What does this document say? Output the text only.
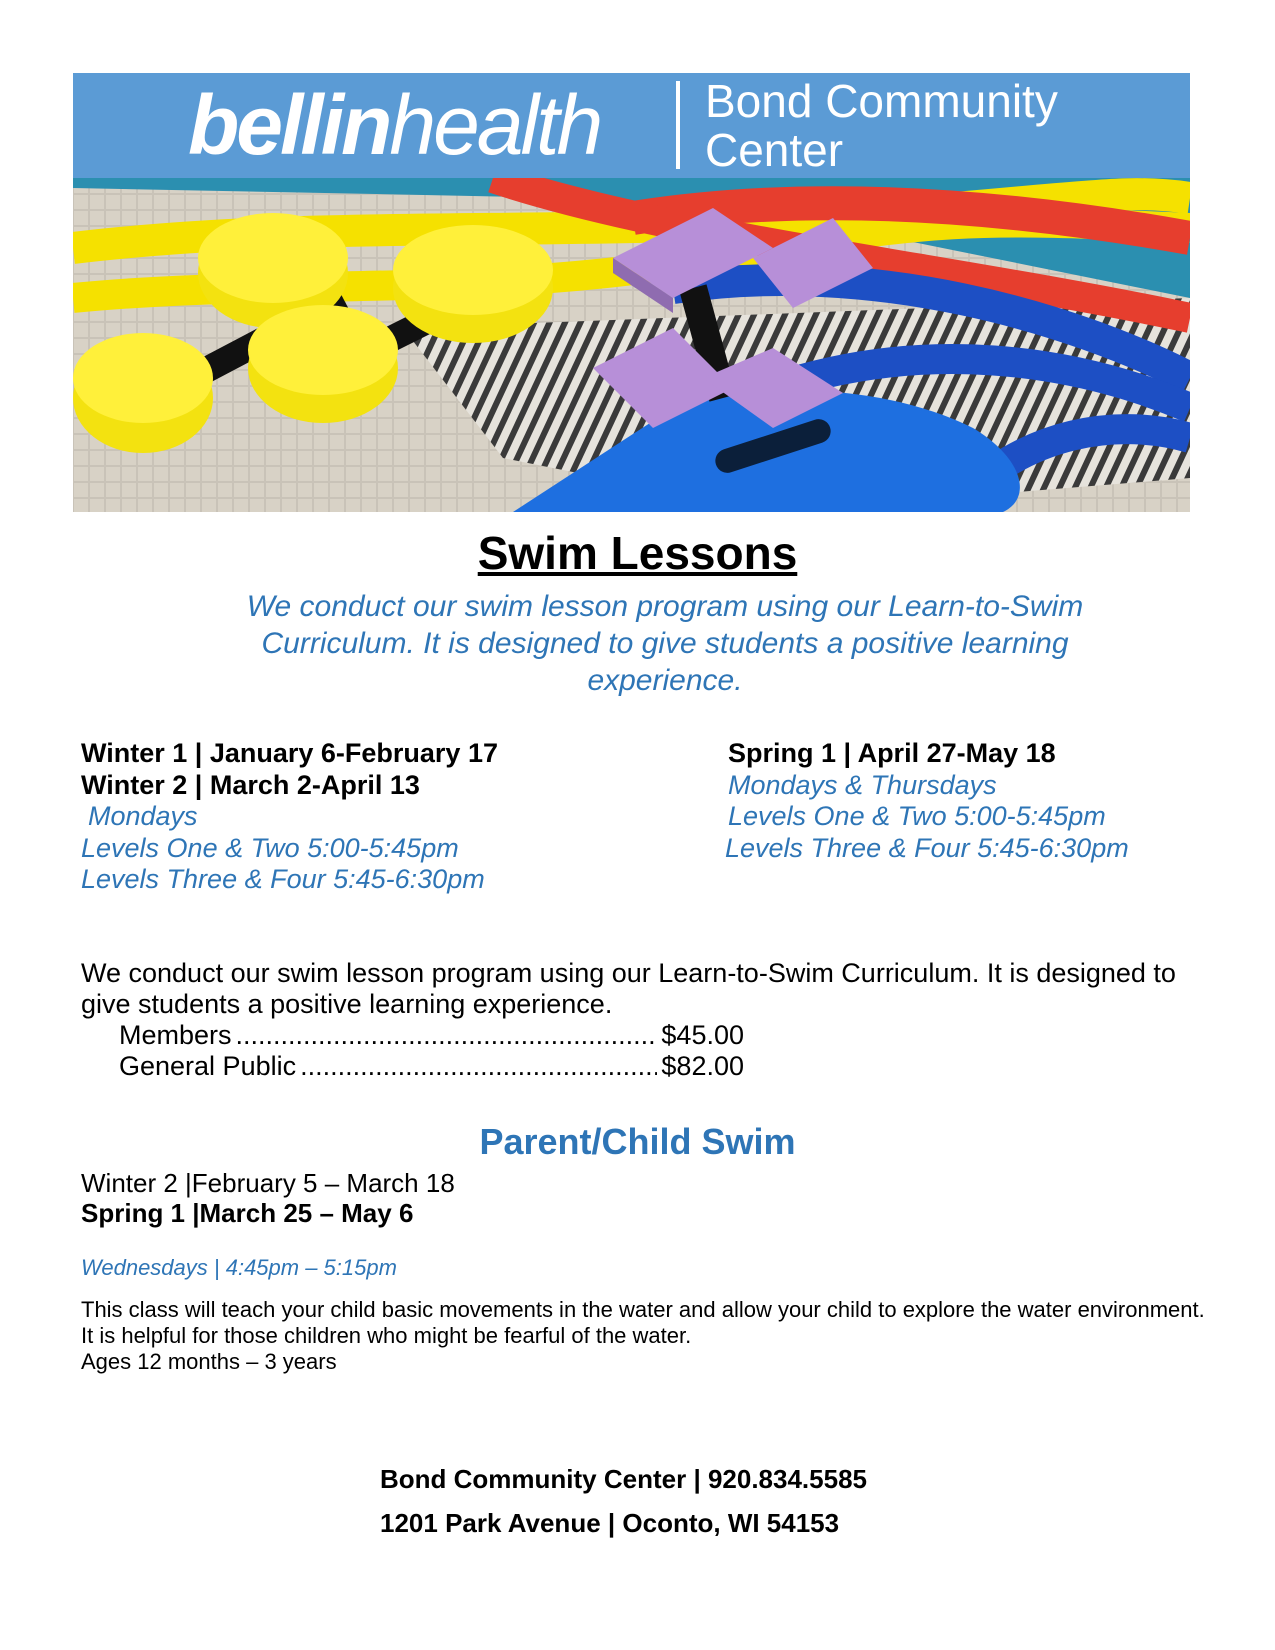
bellinhealth Bond Community
Center
Swim Lessons
We conduct our swim lesson program using our Learn-to-Swim Curriculum. It is designed to give students a positive learning experience.
Winter 1 | January 6-February 17
Winter 2 | March 2-April 13
Mondays
Levels One & Two 5:00-5:45pm
Levels Three & Four 5:45-6:30pm
Spring 1 | April 27-May 18
Mondays & Thursdays
Levels One & Two 5:00-5:45pm
Levels Three & Four 5:45-6:30pm
We conduct our swim lesson program using our Learn-to-Swim Curriculum. It is designed to give students a positive learning experience.
Members .....	$45.00
General Public .....	$82.00
Parent/Child Swim
Winter 2 |February 5 – March 18
Spring 1 |March 25 – May 6
Wednesdays | 4:45pm – 5:15pm
This class will teach your child basic movements in the water and allow your child to explore the water environment. It is helpful for those children who might be fearful of the water.
Ages 12 months – 3 years
Bond Community Center | 920.834.5585
1201 Park Avenue | Oconto, WI 54153
